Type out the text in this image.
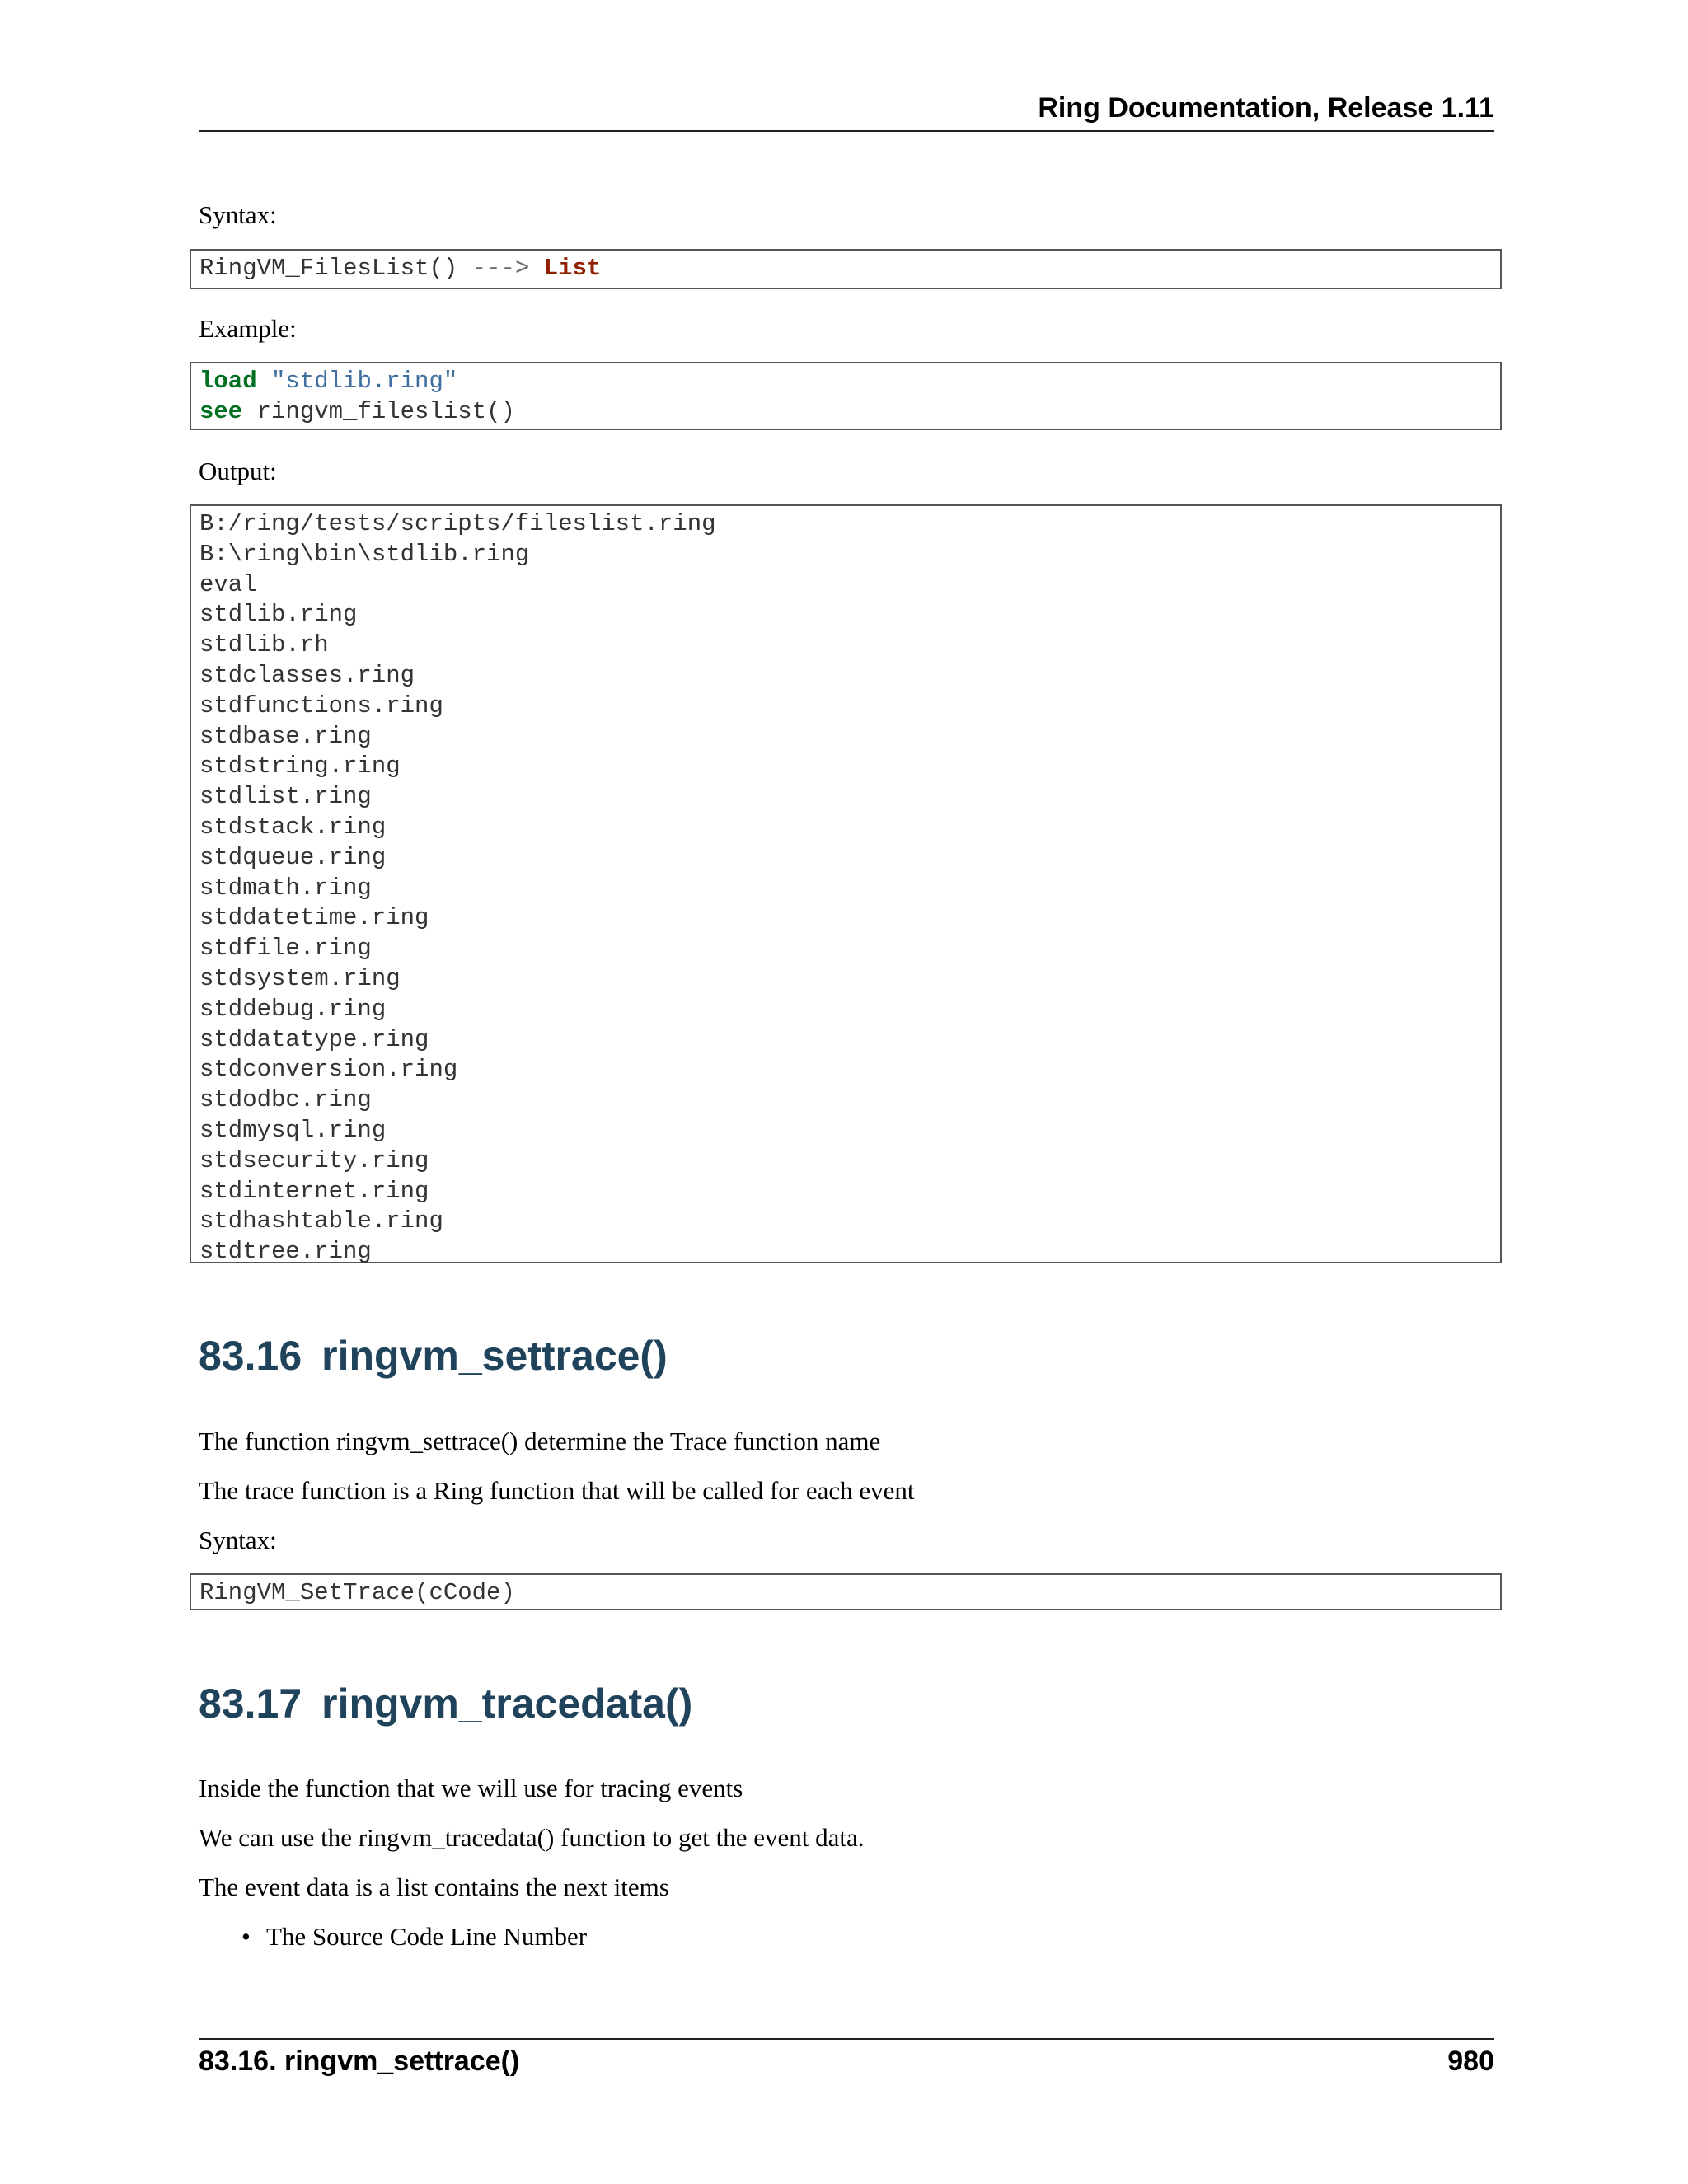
Ring Documentation, Release 1.11
Syntax:
RingVM_FilesList() ---> List
Example:
load "stdlib.ring"
see ringvm_fileslist()
Output:
B:/ring/tests/scripts/fileslist.ring
B:\ring\bin\stdlib.ring
eval
stdlib.ring
stdlib.rh
stdclasses.ring
stdfunctions.ring
stdbase.ring
stdstring.ring
stdlist.ring
stdstack.ring
stdqueue.ring
stdmath.ring
stddatetime.ring
stdfile.ring
stdsystem.ring
stddebug.ring
stddatatype.ring
stdconversion.ring
stdodbc.ring
stdmysql.ring
stdsecurity.ring
stdinternet.ring
stdhashtable.ring
stdtree.ring
83.16 ringvm_settrace()
The function ringvm_settrace() determine the Trace function name
The trace function is a Ring function that will be called for each event
Syntax:
RingVM_SetTrace(cCode)
83.17 ringvm_tracedata()
Inside the function that we will use for tracing events
We can use the ringvm_tracedata() function to get the event data.
The event data is a list contains the next items
• The Source Code Line Number
83.16. ringvm_settrace()	980
